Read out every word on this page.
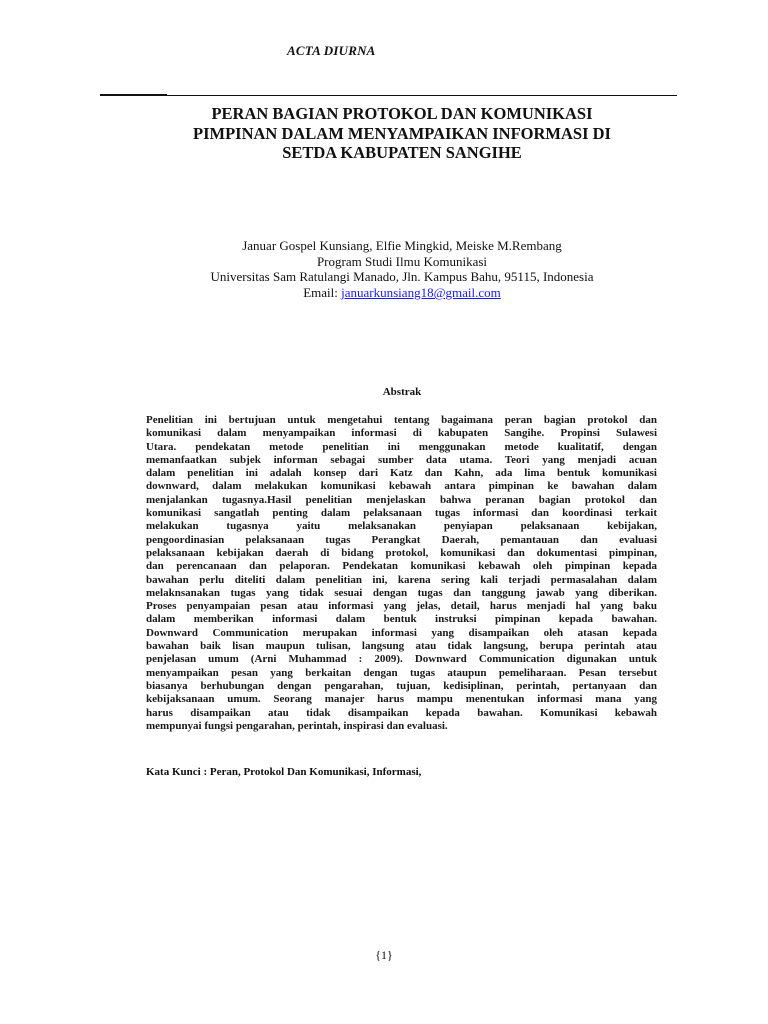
ACTA DIURNA

PERAN BAGIAN PROTOKOL DAN KOMUNIKASI
PIMPINAN DALAM MENYAMPAIKAN INFORMASI DI
SETDA KABUPATEN SANGIHE
Januar Gospel Kunsiang, Elfie Mingkid, Meiske M.Rembang
Program Studi Ilmu Komunikasi
Universitas Sam Ratulangi Manado, Jln. Kampus Bahu, 95115, Indonesia
Email: januarkunsiang18@gmail.com
Abstrak
Penelitian ini bertujuan untuk mengetahui tentang bagaimana peran bagian protokol dan
komunikasi dalam menyampaikan informasi di kabupaten Sangihe. Propinsi Sulawesi
Utara. pendekatan metode penelitian ini menggunakan metode kualitatif, dengan
memanfaatkan subjek informan sebagai sumber data utama. Teori yang menjadi acuan
dalam penelitian ini adalah konsep dari Katz dan Kahn, ada lima bentuk komunikasi
downward, dalam melakukan komunikasi kebawah antara pimpinan ke bawahan dalam
menjalankan tugasnya.Hasil penelitian menjelaskan bahwa peranan bagian protokol dan
komunikasi sangatlah penting dalam pelaksanaan tugas informasi dan koordinasi terkait
melakukan tugasnya yaitu melaksanakan penyiapan pelaksanaan kebijakan,
pengoordinasian pelaksanaan tugas Perangkat Daerah, pemantauan dan evaluasi
pelaksanaan kebijakan daerah di bidang protokol, komunikasi dan dokumentasi pimpinan,
dan perencanaan dan pelaporan. Pendekatan komunikasi kebawah oleh pimpinan kepada
bawahan perlu diteliti dalam penelitian ini, karena sering kali terjadi permasalahan dalam
melaknsanakan tugas yang tidak sesuai dengan tugas dan tanggung jawab yang diberikan.
Proses penyampaian pesan atau informasi yang jelas, detail, harus menjadi hal yang baku
dalam memberikan informasi dalam bentuk instruksi pimpinan kepada bawahan.
Downward Communication merupakan informasi yang disampaikan oleh atasan kepada
bawahan baik lisan maupun tulisan, langsung atau tidak langsung, berupa perintah atau
penjelasan umum (Arni Muhammad : 2009). Downward Communication digunakan untuk
menyampaikan pesan yang berkaitan dengan tugas ataupun pemeliharaan. Pesan tersebut
biasanya berhubungan dengan pengarahan, tujuan, kedisiplinan, perintah, pertanyaan dan
kebijaksanaan umum. Seorang manajer harus mampu menentukan informasi mana yang
harus disampaikan atau tidak disampaikan kepada bawahan. Komunikasi kebawah
mempunyai fungsi pengarahan, perintah, inspirasi dan evaluasi.

Kata Kunci : Peran, Protokol Dan Komunikasi, Informasi,

{1}
